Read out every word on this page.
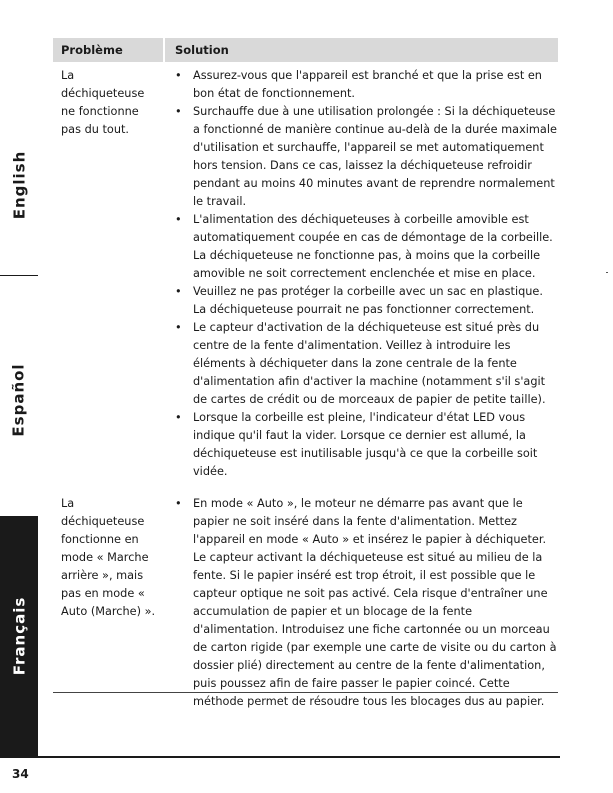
English
Español
Français
Problème	Solution
La déchiqueteuse ne fonctionne pas du tout.
• Assurez-vous que l'appareil est branché et que la prise est en bon état de fonctionnement.
• Surchauffe due à une utilisation prolongée : Si la déchiqueteuse a fonctionné de manière continue au-delà de la durée maximale d'utilisation et surchauffe, l'appareil se met automatiquement hors tension. Dans ce cas, laissez la déchiqueteuse refroidir pendant au moins 40 minutes avant de reprendre normalement le travail.
• L'alimentation des déchiqueteuses à corbeille amovible est automatiquement coupée en cas de démontage de la corbeille. La déchiqueteuse ne fonctionne pas, à moins que la corbeille amovible ne soit correctement enclenchée et mise en place.
• Veuillez ne pas protéger la corbeille avec un sac en plastique. La déchiqueteuse pourrait ne pas fonctionner correctement.
• Le capteur d'activation de la déchiqueteuse est situé près du centre de la fente d'alimentation. Veillez à introduire les éléments à déchiqueter dans la zone centrale de la fente d'alimentation afin d'activer la machine (notamment s'il s'agit de cartes de crédit ou de morceaux de papier de petite taille).
• Lorsque la corbeille est pleine, l'indicateur d'état LED vous indique qu'il faut la vider. Lorsque ce dernier est allumé, la déchiqueteuse est inutilisable jusqu'à ce que la corbeille soit vidée.
La déchiqueteuse fonctionne en mode « Marche arrière », mais pas en mode « Auto (Marche) ».
• En mode « Auto », le moteur ne démarre pas avant que le papier ne soit inséré dans la fente d'alimentation. Mettez l'appareil en mode « Auto » et insérez le papier à déchiqueter. Le capteur activant la déchiqueteuse est situé au milieu de la fente. Si le papier inséré est trop étroit, il est possible que le capteur optique ne soit pas activé. Cela risque d'entraîner une accumulation de papier et un blocage de la fente d'alimentation. Introduisez une fiche cartonnée ou un morceau de carton rigide (par exemple une carte de visite ou du carton à dossier plié) directement au centre de la fente d'alimentation, puis poussez afin de faire passer le papier coincé. Cette méthode permet de résoudre tous les blocages dus au papier.
34
